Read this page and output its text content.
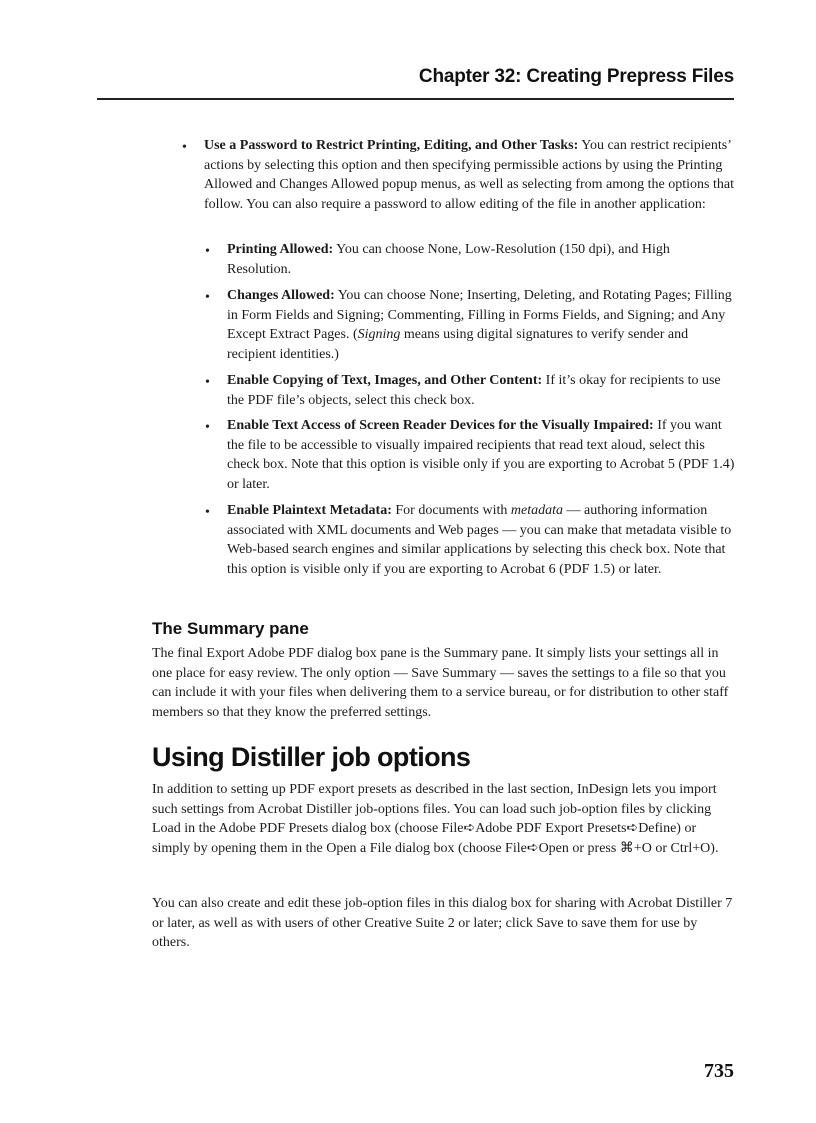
Chapter 32: Creating Prepress Files
• Use a Password to Restrict Printing, Editing, and Other Tasks: You can restrict recipients’ actions by selecting this option and then specifying permissible actions by using the Printing Allowed and Changes Allowed popup menus, as well as selecting from among the options that follow. You can also require a password to allow editing of the file in another application:
• Printing Allowed: You can choose None, Low-Resolution (150 dpi), and High Resolution.
• Changes Allowed: You can choose None; Inserting, Deleting, and Rotating Pages; Filling in Form Fields and Signing; Commenting, Filling in Forms Fields, and Signing; and Any Except Extract Pages. (Signing means using digital signatures to verify sender and recipient identities.)
• Enable Copying of Text, Images, and Other Content: If it’s okay for recipients to use the PDF file’s objects, select this check box.
• Enable Text Access of Screen Reader Devices for the Visually Impaired: If you want the file to be accessible to visually impaired recipients that read text aloud, select this check box. Note that this option is visible only if you are exporting to Acrobat 5 (PDF 1.4) or later.
• Enable Plaintext Metadata: For documents with metadata — authoring information associated with XML documents and Web pages — you can make that metadata visible to Web-based search engines and similar applications by selecting this check box. Note that this option is visible only if you are exporting to Acrobat 6 (PDF 1.5) or later.
The Summary pane
The final Export Adobe PDF dialog box pane is the Summary pane. It simply lists your settings all in one place for easy review. The only option — Save Summary — saves the settings to a file so that you can include it with your files when delivering them to a service bureau, or for distribution to other staff members so that they know the preferred settings.
Using Distiller job options
In addition to setting up PDF export presets as described in the last section, InDesign lets you import such settings from Acrobat Distiller job-options files. You can load such job-option files by clicking Load in the Adobe PDF Presets dialog box (choose File➪Adobe PDF Export Presets➪Define) or simply by opening them in the Open a File dialog box (choose File➪Open or press ⌘+O or Ctrl+O).
You can also create and edit these job-option files in this dialog box for sharing with Acrobat Distiller 7 or later, as well as with users of other Creative Suite 2 or later; click Save to save them for use by others.
735
